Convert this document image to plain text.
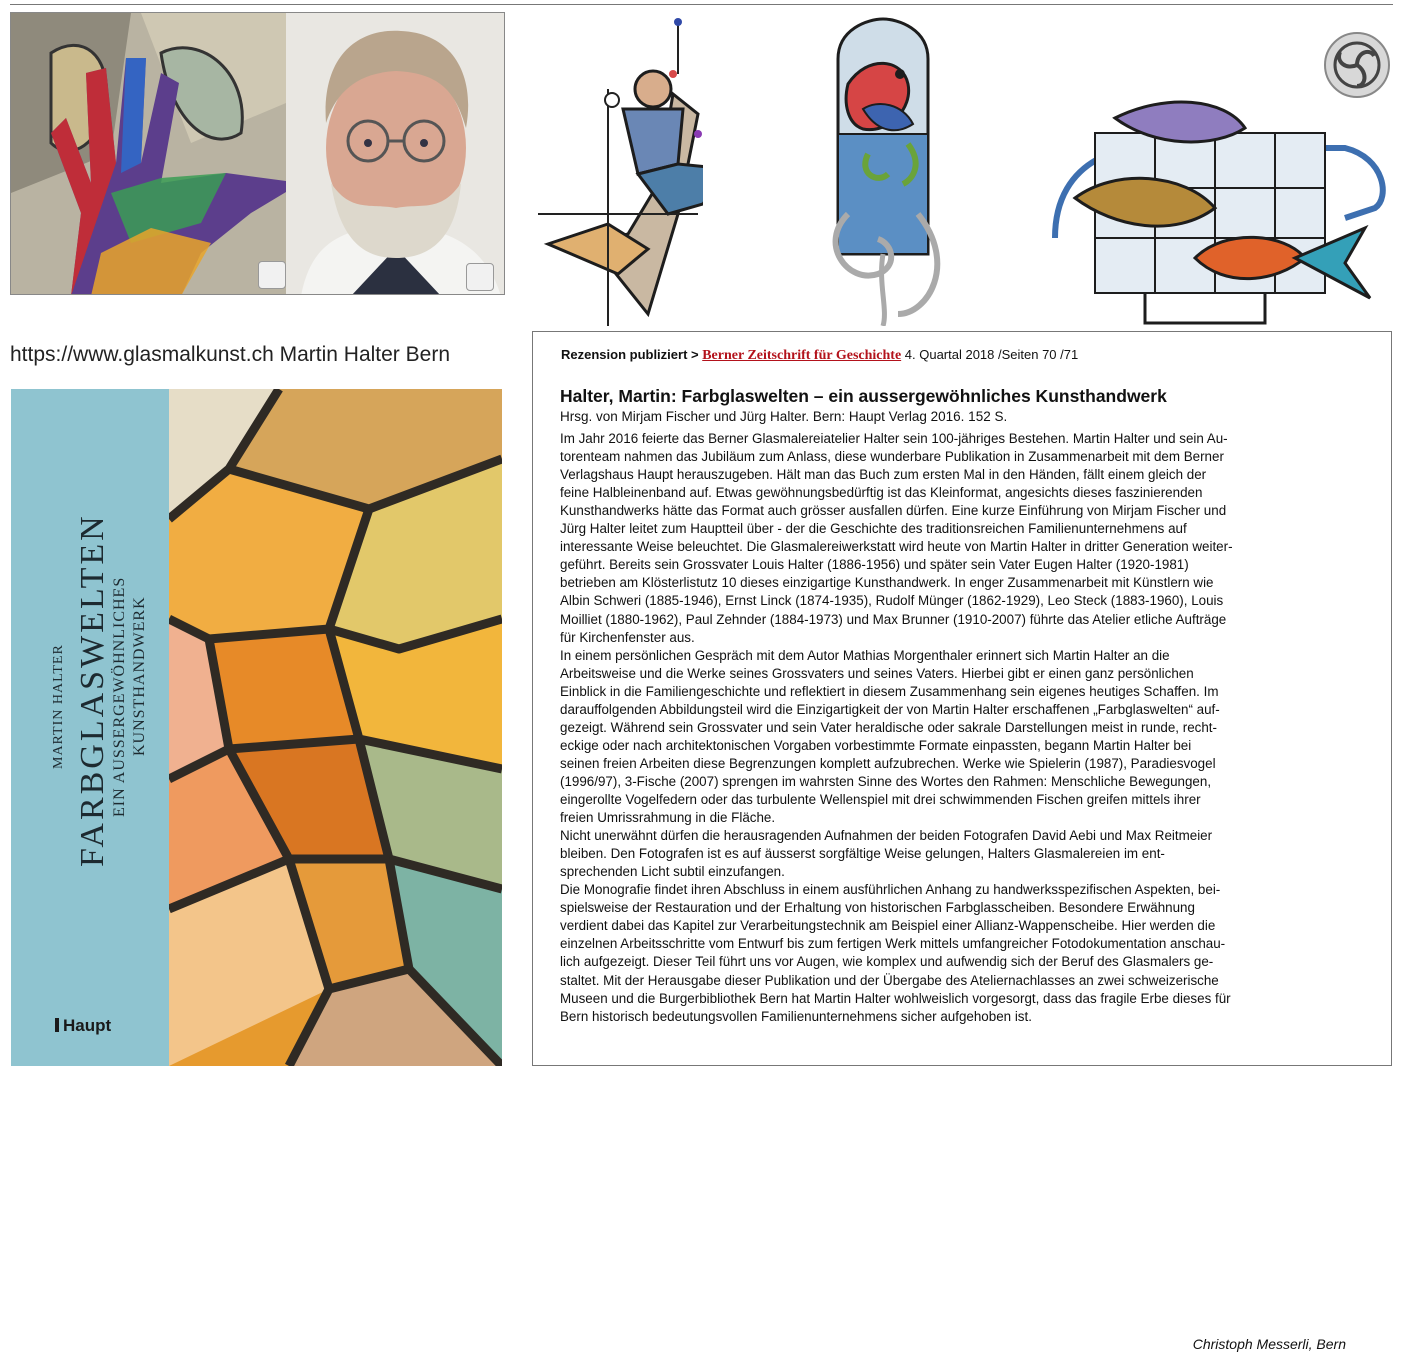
https://www.glasmalkunst.ch Martin Halter Bern
MARTIN HALTER FARBGLASWELTEN EIN AUSSERGEWÖHNLICHES KUNSTHANDWERK
Haupt
Rezension publiziert > Berner Zeitschrift für Geschichte 4. Quartal 2018 /Seiten 70 /71
Halter, Martin: Farbglaswelten – ein aussergewöhnliches Kunsthandwerk
Hrsg. von Mirjam Fischer und Jürg Halter. Bern: Haupt Verlag 2016. 152 S.
Im Jahr 2016 feierte das Berner Glasmalereiatelier Halter sein 100-jähriges Bestehen. Martin Halter und sein Au-
torenteam nahmen das Jubiläum zum Anlass, diese wunderbare Publikation in Zusammenarbeit mit dem Berner
Verlagshaus Haupt herauszugeben. Hält man das Buch zum ersten Mal in den Händen, fällt einem gleich der
feine Halbleinenband auf. Etwas gewöhnungsbedürftig ist das Kleinformat, angesichts dieses faszinierenden
Kunsthandwerks hätte das Format auch grösser ausfallen dürfen. Eine kurze Einführung von Mirjam Fischer und
Jürg Halter leitet zum Hauptteil über - der die Geschichte des traditionsreichen Familienunternehmens auf
interessante Weise beleuchtet. Die Glasmalereiwerkstatt wird heute von Martin Halter in dritter Generation weiter-
geführt. Bereits sein Grossvater Louis Halter (1886-1956) und später sein Vater Eugen Halter (1920-1981)
betrieben am Klösterlistutz 10 dieses einzigartige Kunsthandwerk. In enger Zusammenarbeit mit Künstlern wie
Albin Schweri (1885-1946), Ernst Linck (1874-1935), Rudolf Münger (1862-1929), Leo Steck (1883-1960), Louis
Moilliet (1880-1962), Paul Zehnder (1884-1973) und Max Brunner (1910-2007) führte das Atelier etliche Aufträge
für Kirchenfenster aus.
In einem persönlichen Gespräch mit dem Autor Mathias Morgenthaler erinnert sich Martin Halter an die
Arbeitsweise und die Werke seines Grossvaters und seines Vaters. Hierbei gibt er einen ganz persönlichen
Einblick in die Familiengeschichte und reflektiert in diesem Zusammenhang sein eigenes heutiges Schaffen. Im
darauffolgenden Abbildungsteil wird die Einzigartigkeit der von Martin Halter erschaffenen „Farbglaswelten“ auf-
gezeigt. Während sein Grossvater und sein Vater heraldische oder sakrale Darstellungen meist in runde, recht-
eckige oder nach architektonischen Vorgaben vorbestimmte Formate einpassten, begann Martin Halter bei
seinen freien Arbeiten diese Begrenzungen komplett aufzubrechen. Werke wie Spielerin (1987), Paradiesvogel
(1996/97), 3-Fische (2007) sprengen im wahrsten Sinne des Wortes den Rahmen: Menschliche Bewegungen,
eingerollte Vogelfedern oder das turbulente Wellenspiel mit drei schwimmenden Fischen greifen mittels ihrer
freien Umrissrahmung in die Fläche.
Nicht unerwähnt dürfen die herausragenden Aufnahmen der beiden Fotografen David Aebi und Max Reitmeier
bleiben. Den Fotografen ist es auf äusserst sorgfältige Weise gelungen, Halters Glasmalereien im ent-
sprechenden Licht subtil einzufangen.
Die Monografie findet ihren Abschluss in einem ausführlichen Anhang zu handwerksspezifischen Aspekten, bei-
spielsweise der Restauration und der Erhaltung von historischen Farbglasscheiben. Besondere Erwähnung
verdient dabei das Kapitel zur Verarbeitungstechnik am Beispiel einer Allianz-Wappenscheibe. Hier werden die
einzelnen Arbeitsschritte vom Entwurf bis zum fertigen Werk mittels umfangreicher Fotodokumentation anschau-
lich aufgezeigt. Dieser Teil führt uns vor Augen, wie komplex und aufwendig sich der Beruf des Glasmalers ge-
staltet. Mit der Herausgabe dieser Publikation und der Übergabe des Ateliernachlasses an zwei schweizerische
Museen und die Burgerbibliothek Bern hat Martin Halter wohlweislich vorgesorgt, dass das fragile Erbe dieses für
Bern historisch bedeutungsvollen Familienunternehmens sicher aufgehoben ist.
Christoph Messerli, Bern
